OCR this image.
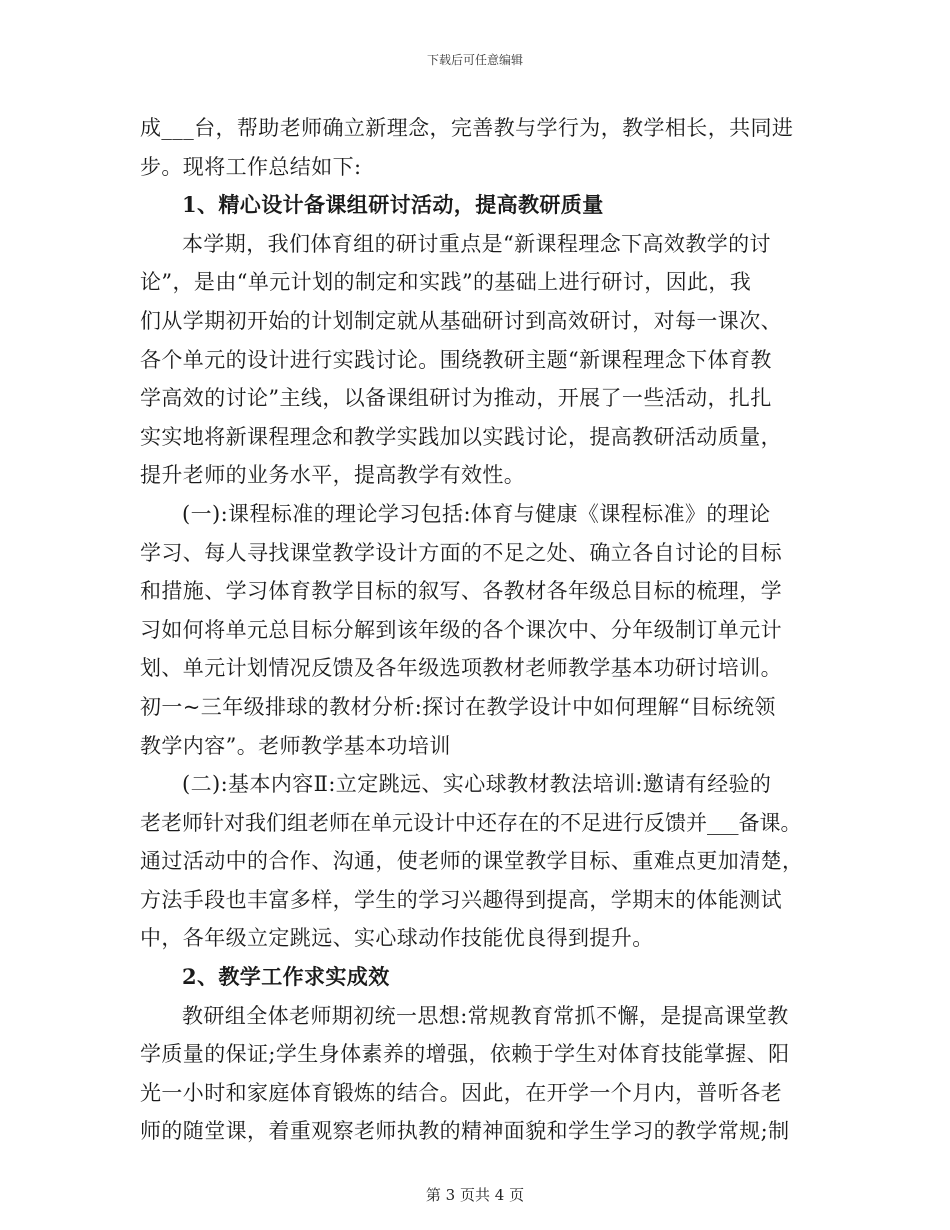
下载后可任意编辑
成___台，帮助老师确立新理念，完善教与学行为，教学相长，共同进
步。现将工作总结如下:
1、精心设计备课组研讨活动，提高教研质量
本学期，我们体育组的研讨重点是“新课程理念下高效教学的讨
论”，是由“单元计划的制定和实践”的基础上进行研讨，因此，我
们从学期初开始的计划制定就从基础研讨到高效研讨，对每一课次、
各个单元的设计进行实践讨论。围绕教研主题“新课程理念下体育教
学高效的讨论”主线，以备课组研讨为推动，开展了一些活动，扎扎
实实地将新课程理念和教学实践加以实践讨论，提高教研活动质量，
提升老师的业务水平，提高教学有效性。
(一):课程标准的理论学习包括:体育与健康《课程标准》的理论
学习、每人寻找课堂教学设计方面的不足之处、确立各自讨论的目标
和措施、学习体育教学目标的叙写、各教材各年级总目标的梳理，学
习如何将单元总目标分解到该年级的各个课次中、分年级制订单元计
划、单元计划情况反馈及各年级选项教材老师教学基本功研讨培训。
初一~三年级排球的教材分析:探讨在教学设计中如何理解“目标统领
教学内容”。老师教学基本功培训
(二):基本内容Ⅱ:立定跳远、实心球教材教法培训:邀请有经验的
老老师针对我们组老师在单元设计中还存在的不足进行反馈并___备课。
通过活动中的合作、沟通，使老师的课堂教学目标、重难点更加清楚，
方法手段也丰富多样，学生的学习兴趣得到提高，学期末的体能测试
中，各年级立定跳远、实心球动作技能优良得到提升。
2、教学工作求实成效
教研组全体老师期初统一思想:常规教育常抓不懈，是提高课堂教
学质量的保证;学生身体素养的增强，依赖于学生对体育技能掌握、阳
光一小时和家庭体育锻炼的结合。因此，在开学一个月内，普听各老
师的随堂课，着重观察老师执教的精神面貌和学生学习的教学常规;制
第 3 页共 4 页
